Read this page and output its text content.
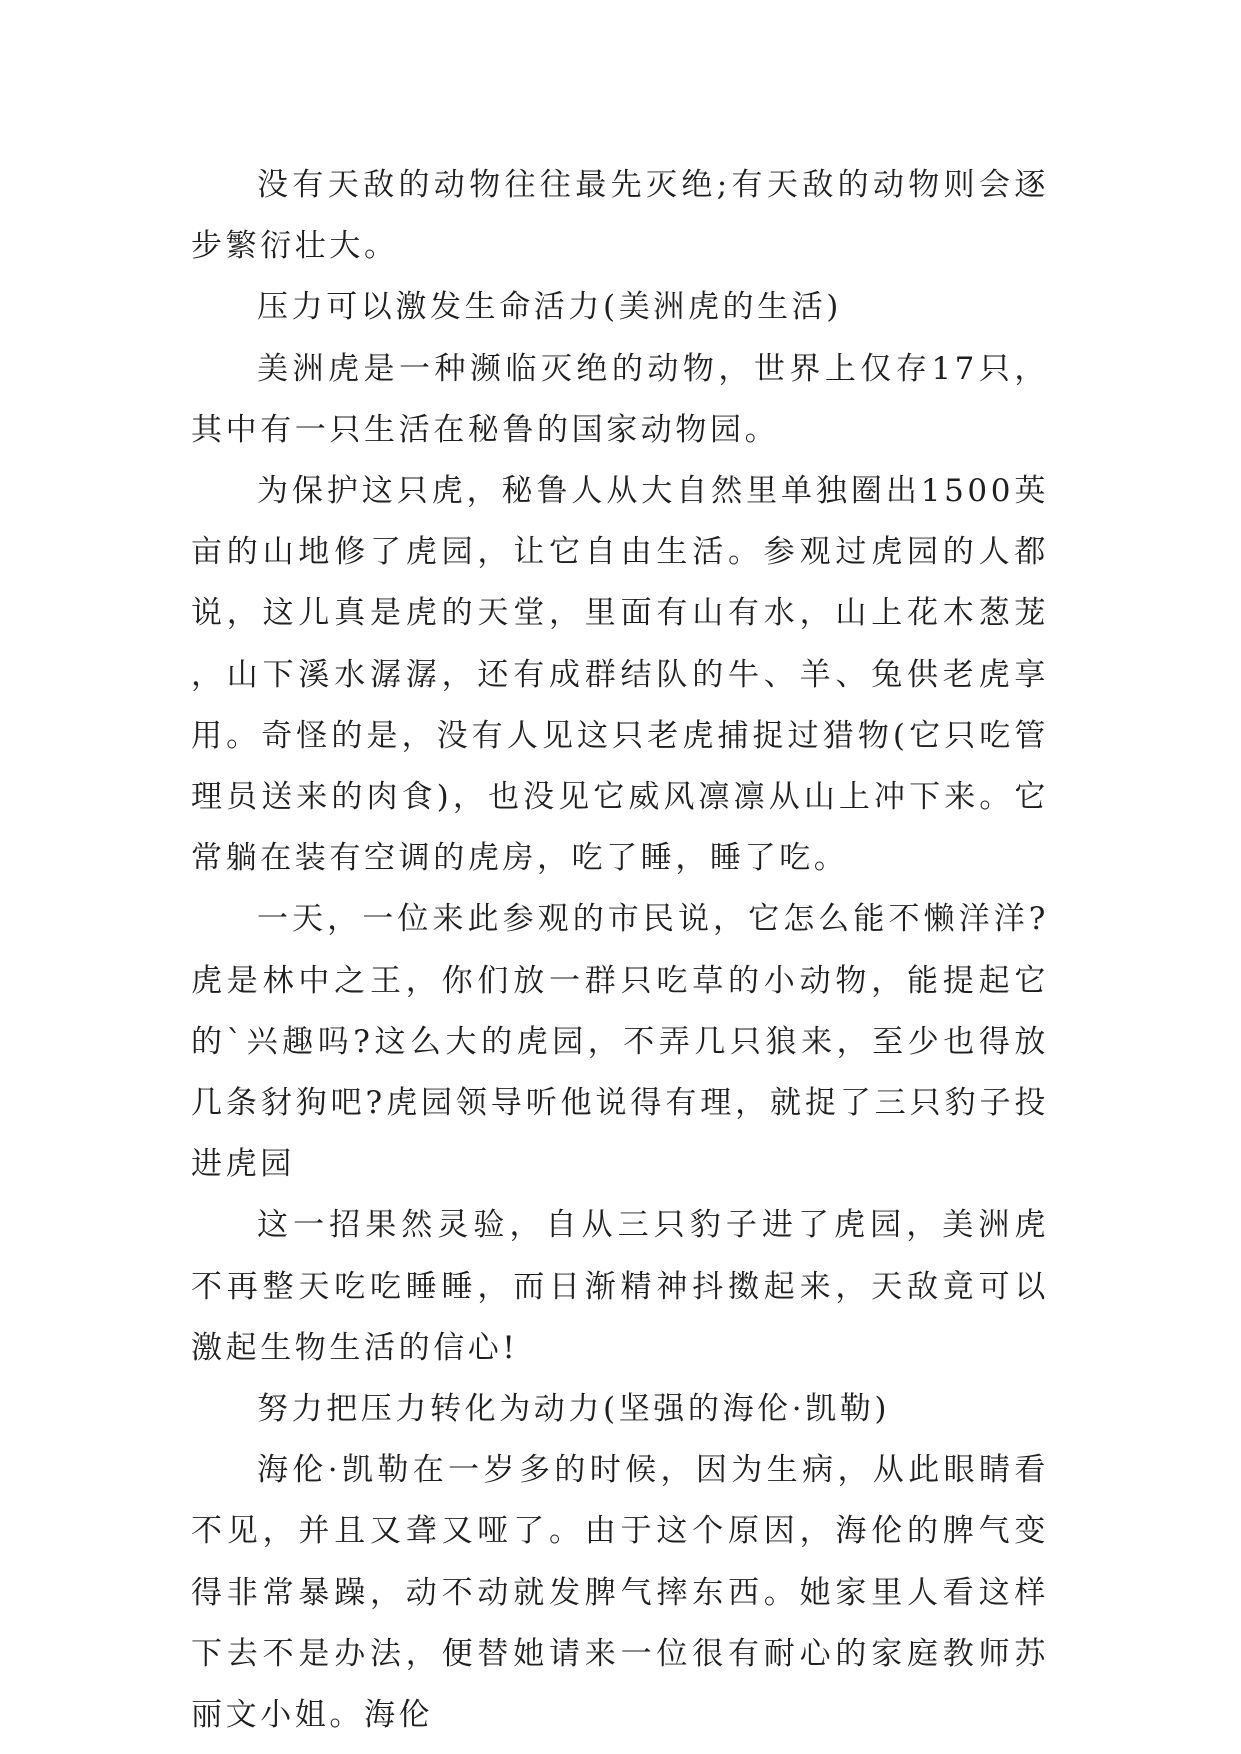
没有天敌的动物往往最先灭绝;有天敌的动物则会逐步繁衍壮大。

压力可以激发生命活力(美洲虎的生活)

美洲虎是一种濒临灭绝的动物，世界上仅存17只，其中有一只生活在秘鲁的国家动物园。

为保护这只虎，秘鲁人从大自然里单独圈出1500英亩的山地修了虎园，让它自由生活。参观过虎园的人都说，这儿真是虎的天堂，里面有山有水，山上花木葱茏，山下溪水潺潺，还有成群结队的牛、羊、兔供老虎享用。奇怪的是，没有人见这只老虎捕捉过猎物(它只吃管理员送来的肉食)，也没见它威风凛凛从山上冲下来。它常躺在装有空调的虎房，吃了睡，睡了吃。

一天，一位来此参观的市民说，它怎么能不懒洋洋?虎是林中之王，你们放一群只吃草的小动物，能提起它的`兴趣吗?这么大的虎园，不弄几只狼来，至少也得放几条豺狗吧?虎园领导听他说得有理，就捉了三只豹子投进虎园

这一招果然灵验，自从三只豹子进了虎园，美洲虎不再整天吃吃睡睡，而日渐精神抖擞起来，天敌竟可以激起生物生活的信心!

努力把压力转化为动力(坚强的海伦·凯勒)

海伦·凯勒在一岁多的时候，因为生病，从此眼睛看不见，并且又聋又哑了。由于这个原因，海伦的脾气变得非常暴躁，动不动就发脾气摔东西。她家里人看这样下去不是办法，便替她请来一位很有耐心的家庭教师苏丽文小姐。海伦
